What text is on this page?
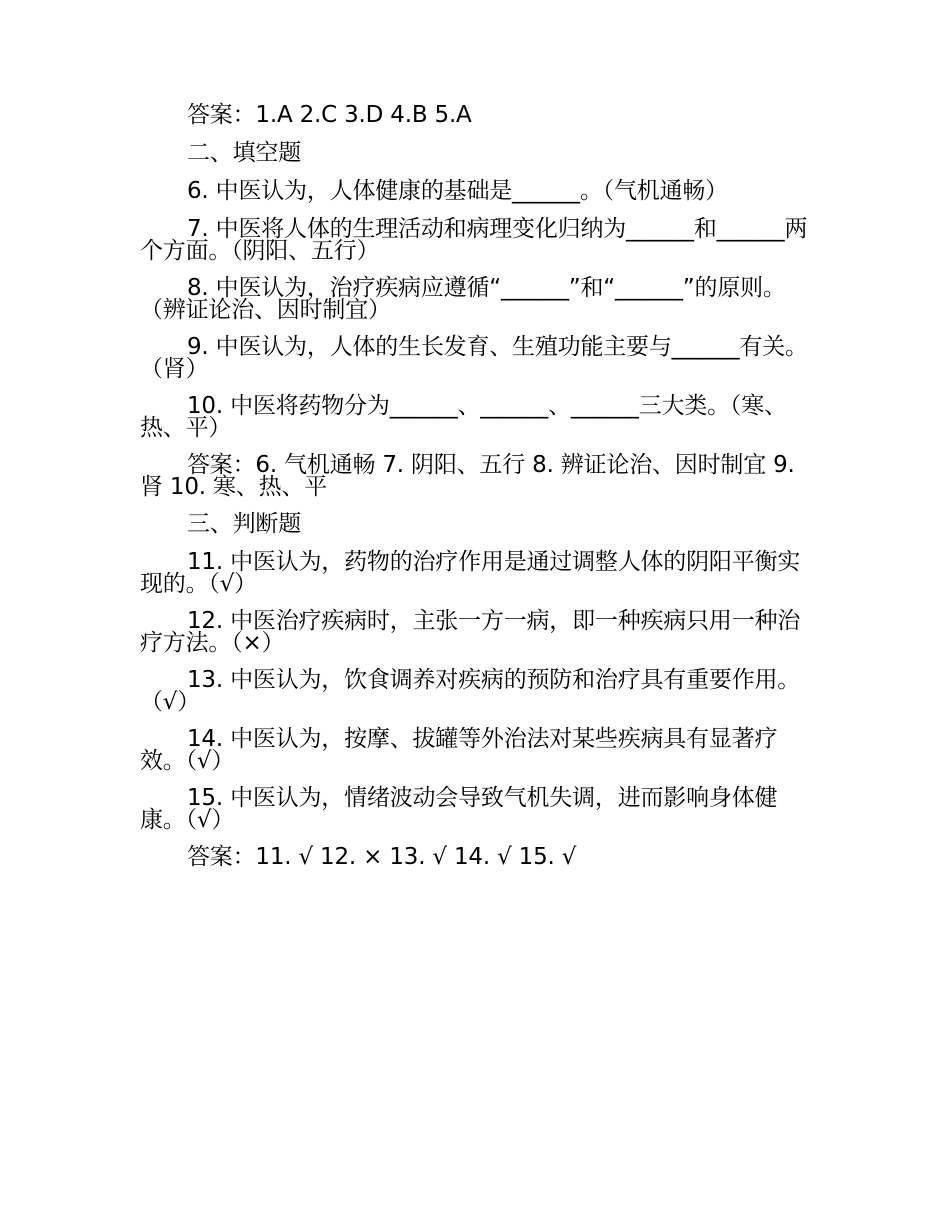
答案：1.A 2.C 3.D 4.B 5.A

二、填空题

6. 中医认为，人体健康的基础是______。（气机通畅）

7. 中医将人体的生理活动和病理变化归纳为______和______两个方面。（阴阳、五行）

8. 中医认为，治疗疾病应遵循“______”和“______”的原则。（辨证论治、因时制宜）

9. 中医认为，人体的生长发育、生殖功能主要与______有关。（肾）

10. 中医将药物分为______、______、______三大类。（寒、热、平）

答案：6. 气机通畅 7. 阴阳、五行 8. 辨证论治、因时制宜 9. 肾 10. 寒、热、平

三、判断题

11. 中医认为，药物的治疗作用是通过调整人体的阴阳平衡实现的。（√）

12. 中医治疗疾病时，主张一方一病，即一种疾病只用一种治疗方法。（×）

13. 中医认为，饮食调养对疾病的预防和治疗具有重要作用。（√）

14. 中医认为，按摩、拔罐等外治法对某些疾病具有显著疗效。（√）

15. 中医认为，情绪波动会导致气机失调，进而影响身体健康。（√）

答案：11. √ 12. × 13. √ 14. √ 15. √
